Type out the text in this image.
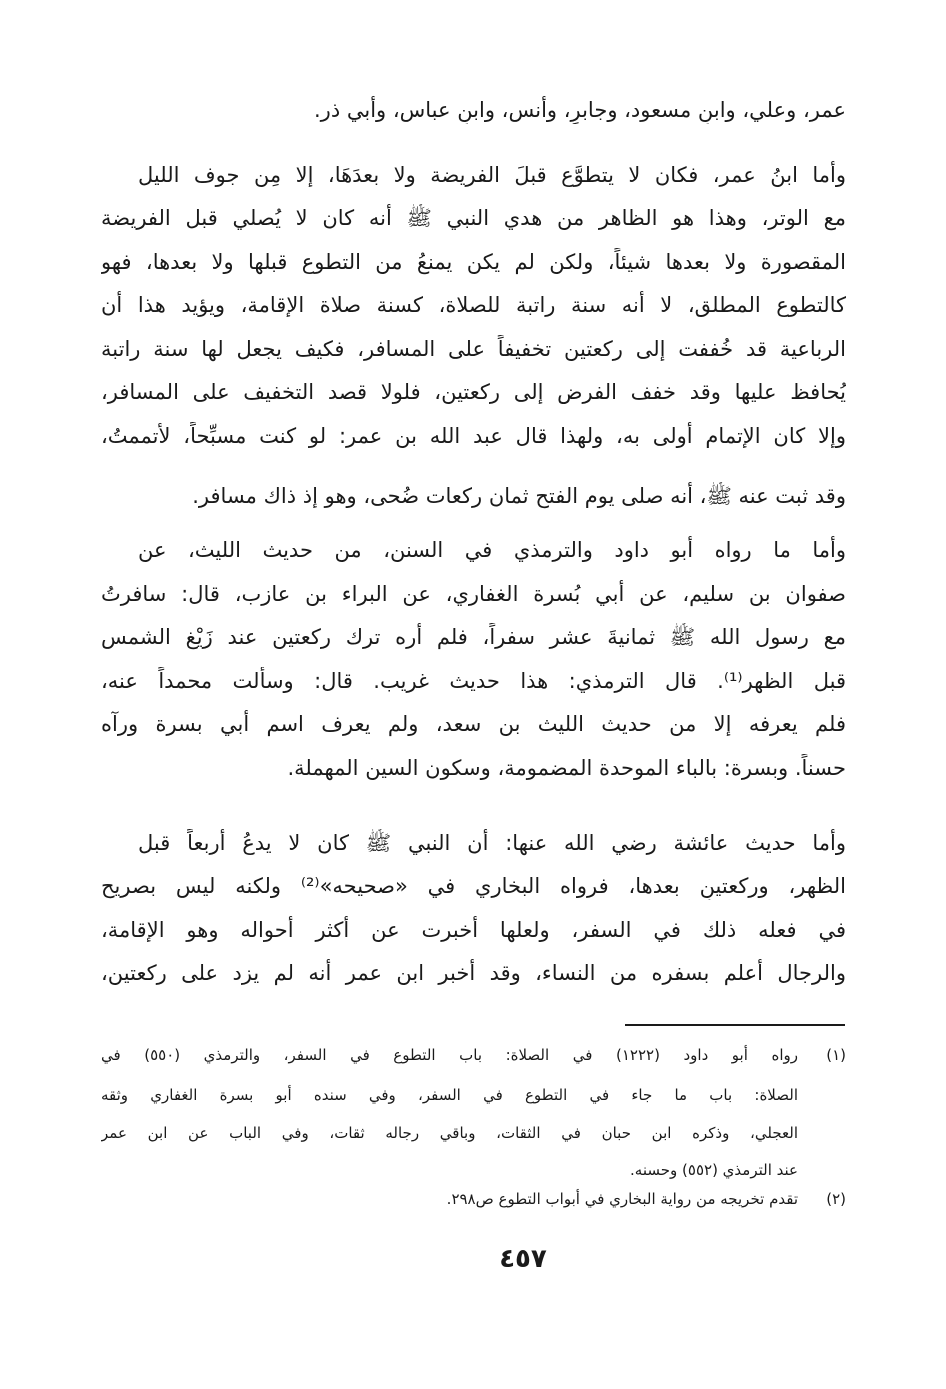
عمر، وعلي، وابنِ مسعود، وجابرٍ، وأنس، وابنِ عباس، وأبي ذر.
وأما ابنُ عمر، فكان لا يتطوَّع قبلَ الفريضة ولا بعدَهَا، إلا مِن جوف الليل
مع الوتر، وهذا هو الظاهر من هدي النبي ﷺ أنه كان لا يُصلي قبل الفريضة
المقصورة ولا بعدها شيئاً، ولكن لم يكن يمنعُ من التطوع قبلها ولا بعدها، فهو
كالتطوع المطلق، لا أنه سنة راتبة للصلاة، كسنة صلاة الإقامة، ويؤيد هذا أن
الرباعية قد خُففت إلى ركعتين تخفيفاً على المسافر، فكيف يجعل لها سنة راتبة
يُحافظ عليها وقد خفف الفرض إلى ركعتين، فلولا قصد التخفيف على المسافر،
وإلا كان الإتمام أولى به، ولهذا قال عبد الله بن عمر: لو كنت مسبِّحاً، لأتممتُ،
وقد ثبت عنه ﷺ، أنه صلى يوم الفتح ثمان ركعات ضُحى، وهو إذ ذاك مسافر.
وأما ما رواه أبو داود والترمذي في السنن، من حديث الليث، عن
صفوان بن سليم، عن أبي بُسرة الغفاري، عن البراء بن عازب، قال: سافرتُ
مع رسول الله ﷺ ثمانيةَ عشر سفراً، فلم أره ترك ركعتين عند زَيْغ الشمس
قبل الظهر⁽¹⁾. قال الترمذي: هذا حديث غريب. قال: وسألت محمداً عنه،
فلم يعرفه إلا من حديث الليث بن سعد، ولم يعرف اسم أبي بسرة ورآه
حسناً. وبسرة: بالباء الموحدة المضمومة، وسكون السين المهملة.
وأما حديث عائشة رضي الله عنها: أن النبي ﷺ كان لا يدعُ أربعاً قبل
الظهر، وركعتينِ بعدها، فرواه البخاري في «صحيحه»⁽²⁾ ولكنه ليس بصريح
في فعله ذلك في السفر، ولعلها أخبرت عن أكثر أحواله وهو الإقامة،
والرجال أعلم بسفره من النساء، وقد أخبر ابن عمر أنه لم يزد على ركعتين،
(١)
رواه أبو داود (١٢٢٢) في الصلاة: باب التطوع في السفر، والترمذي (٥٥٠) في
الصلاة: باب ما جاء في التطوع في السفر، وفي سنده أبو بسرة الغفاري وثقه
العجلي، وذكره ابن حبان في الثقات، وباقي رجاله ثقات، وفي الباب عن ابن عمر
عند الترمذي (٥٥٢) وحسنه.
(٢)
تقدم تخريجه من رواية البخاري في أبواب التطوع ص٢٩٨.
٤٥٧
